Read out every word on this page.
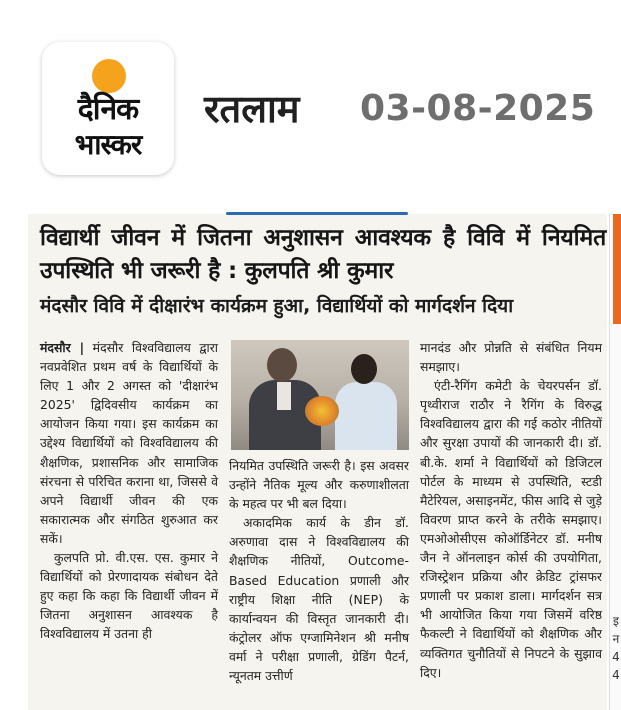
दैनिक
भास्कर
रतलाम 03-08-2025
इ
न
4
4
विद्यार्थी जीवन में जितना अनुशासन आवश्यक है विवि में नियमित उपस्थिति भी जरूरी है : कुलपति श्री कुमार
मंदसौर विवि में दीक्षारंभ कार्यक्रम हुआ, विद्यार्थियों को मार्गदर्शन दिया

मंदसौर | मंदसौर विश्वविद्यालय द्वारा नवप्रवेशित प्रथम वर्ष के विद्यार्थियों के लिए 1 और 2 अगस्त को 'दीक्षारंभ 2025' द्विदिवसीय कार्यक्रम का आयोजन किया गया। इस कार्यक्रम का उद्देश्य विद्यार्थियों को विश्वविद्यालय की शैक्षणिक, प्रशासनिक और सामाजिक संरचना से परिचित कराना था, जिससे वे अपने विद्यार्थी जीवन की एक सकारात्मक और संगठित शुरुआत कर सकें।

कुलपति प्रो. वी.एस. एस. कुमार ने विद्यार्थियों को प्रेरणादायक संबोधन देते हुए कहा कि कहा कि विद्यार्थी जीवन में जितना अनुशासन आवश्यक है विश्वविद्यालय में उतना ही

नियमित उपस्थिति जरूरी है। इस अवसर उन्होंने नैतिक मूल्य और करुणाशीलता के महत्व पर भी बल दिया।

अकादमिक कार्य के डीन डॉ. अरुणावा दास ने विश्वविद्यालय की शैक्षणिक नीतियों, Outcome-Based Education प्रणाली और राष्ट्रीय शिक्षा नीति (NEP) के कार्यान्वयन की विस्तृत जानकारी दी। कंट्रोलर ऑफ एग्जामिनेशन श्री मनीष वर्मा ने परीक्षा प्रणाली, ग्रेडिंग पैटर्न, न्यूनतम उत्तीर्ण

मानदंड और प्रोन्नति से संबंधित नियम समझाए।

एंटी-रैगिंग कमेटी के चेयरपर्सन डॉ. पृथ्वीराज राठौर ने रैगिंग के विरुद्ध विश्वविद्यालय द्वारा की गई कठोर नीतियों और सुरक्षा उपायों की जानकारी दी। डॉ. बी.के. शर्मा ने विद्यार्थियों को डिजिटल पोर्टल के माध्यम से उपस्थिति, स्टडी मैटेरियल, असाइनमेंट, फीस आदि से जुड़े विवरण प्राप्त करने के तरीके समझाए। एमओओसीएस कोऑर्डिनेटर डॉ. मनीष जैन ने ऑनलाइन कोर्स की उपयोगिता, रजिस्ट्रेशन प्रक्रिया और क्रेडिट ट्रांसफर प्रणाली पर प्रकाश डाला। मार्गदर्शन सत्र भी आयोजित किया गया जिसमें वरिष्ठ फैकल्टी ने विद्यार्थियों को शैक्षणिक और व्यक्तिगत चुनौतियों से निपटने के सुझाव दिए।
